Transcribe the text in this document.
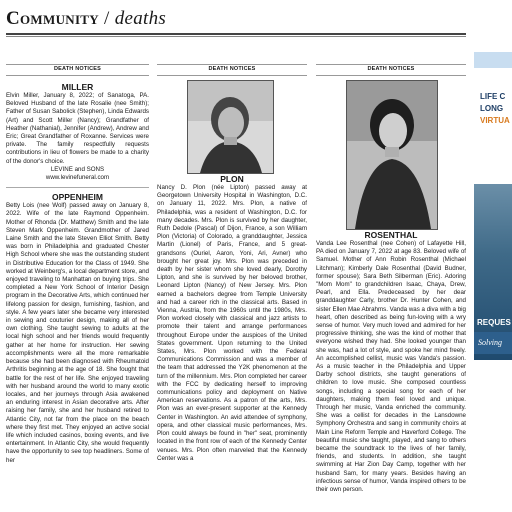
Community / deaths
DEATH NOTICES	DEATH NOTICES	DEATH NOTICES

MILLER

Elvin Miller, January 8, 2022; of Sanatoga, PA. Beloved Husband of the late Rosalie (nee Smith); Father of Susan Sabolick (Stephen), Linda Edwards (Art) and Scott Miller (Nancy); Grandfather of Heather (Nathanial), Jennifer (Andrew), Andrew and Eric; Great Grandfather of Roxanne. Services were private. The family respectfully requests contributions in lieu of flowers be made to a charity of the donor's choice.

LEVINE and SONS

www.levinefuneral.com

OPPENHEIM

Betty Lois (nee Wolf) passed away on January 8, 2022. Wife of the late Raymond Oppenheim. Mother of Rhonda (Dr. Matthew) Smith and the late Steven Mark Oppenheim. Grandmother of Jared Laine Smith and the late Steven Elliot Smith. Betty was born in Philadelphia and graduated Chester High School where she was the outstanding student in Distributive Education for the Class of 1949. She worked at Weinberg's, a local department store, and enjoyed traveling to Manhattan on buying trips. She completed a New York School of Interior Design program in the Decorative Arts, which continued her lifelong passion for design, furnishing, fashion, and style. A few years later she became very interested in sewing and couturier design, making all of her own clothing. She taught sewing to adults at the local high school and her friends would frequently gather at her home for instruction. Her sewing accomplishments were all the more remarkable because she had been diagnosed with Rheumatoid Arthritis beginning at the age of 18. She fought that battle for the rest of her life. She enjoyed traveling with her husband around the world to many exotic locales, and her journeys through Asia awakened an enduring interest in Asian decorative arts. After raising her family, she and her husband retired to Atlantic City, not far from the place on the beach where they first met. They enjoyed an active social life which included casinos, boxing events, and live entertainment. In Atlantic City, she would frequently have the opportunity to see top headliners. Some of her

PLON

Nancy D. Plon (née Lipton) passed away at Georgetown University Hospital in Washington, D.C. on January 11, 2022. Mrs. Plon, a native of Philadelphia, was a resident of Washington, D.C. for many decades. Mrs. Plon is survived by her daughter, Ruth Dedole (Pascal) of Dijon, France, a son William Plon (Victoria) of Colorado, a granddaughter, Jessica Martin (Lionel) of Paris, France, and 5 great-grandsons (Ouriel, Aaron, Yoni, Ari, Avner) who brought her great joy. Mrs. Plon was preceded in death by her sister whom she loved dearly, Dorothy Lipton, and she is survived by her beloved brother, Leonard Lipton (Nancy) of New Jersey. Mrs. Plon earned a bachelors degree from Temple University and had a career rich in the classical arts. Based in Vienna, Austria, from the 1960s until the 1980s, Mrs. Plon worked closely with classical and jazz artists to promote their talent and arrange performances throughout Europe under the auspices of the United States government. Upon returning to the United States, Mrs. Plon worked with the Federal Communications Commission and was a member of the team that addressed the Y2K phenomenon at the turn of the millennium. Mrs. Plon completed her career with the FCC by dedicating herself to improving communications policy and deployment on Native American reservations. As a patron of the arts, Mrs. Plon was an ever-present supporter at the Kennedy Center in Washington. An avid attendee of symphony, opera, and other classical music performances, Mrs. Plon could always be found in "her" seat, prominently located in the front row of each of the Kennedy Center venues. Mrs. Plon often marveled that the Kennedy Center was a

ROSENTHAL

Vanda Lee Rosenthal (nee Cohen) of Lafayette Hill, PA died on January 7, 2022 at age 83. Beloved wife of Samuel. Mother of Ann Robin Rosenthal (Michael Litchman); Kimberly Dale Rosenthal (David Budner, former spouse); Sara Beth Silberman (Eric). Adoring "Mom Mom" to grandchildren Isaac, Chaya, Drew, Pearl, and Ella. Predeceased by her dear granddaughter Carly, brother Dr. Hunter Cohen, and sister Ellen Mae Abrahms. Vanda was a diva with a big heart, often described as being fun-loving with a wry sense of humor. Very much loved and admired for her progressive thinking, she was the kind of mother that everyone wished they had. She looked younger than she was, had a lot of style, and spoke her mind freely. An accomplished cellist, music was Vanda's passion. As a music teacher in the Philadelphia and Upper Darby school districts, she taught generations of children to love music. She composed countless songs, including a special song for each of her daughters, making them feel loved and unique. Through her music, Vanda enriched the community. She was a cellist for decades in the Lansdowne Symphony Orchestra and sang in community choirs at Main Line Reform Temple and Haverford College. The beautiful music she taught, played, and sang to others became the soundtrack to the lives of her family, friends, and students. In addition, she taught swimming at Har Zion Day Camp, together with her husband Sam, for many years. Besides having an infectious sense of humor, Vanda inspired others to be their own person.

LIFE C
LONG
VIRTUA
REQUES
Solving
